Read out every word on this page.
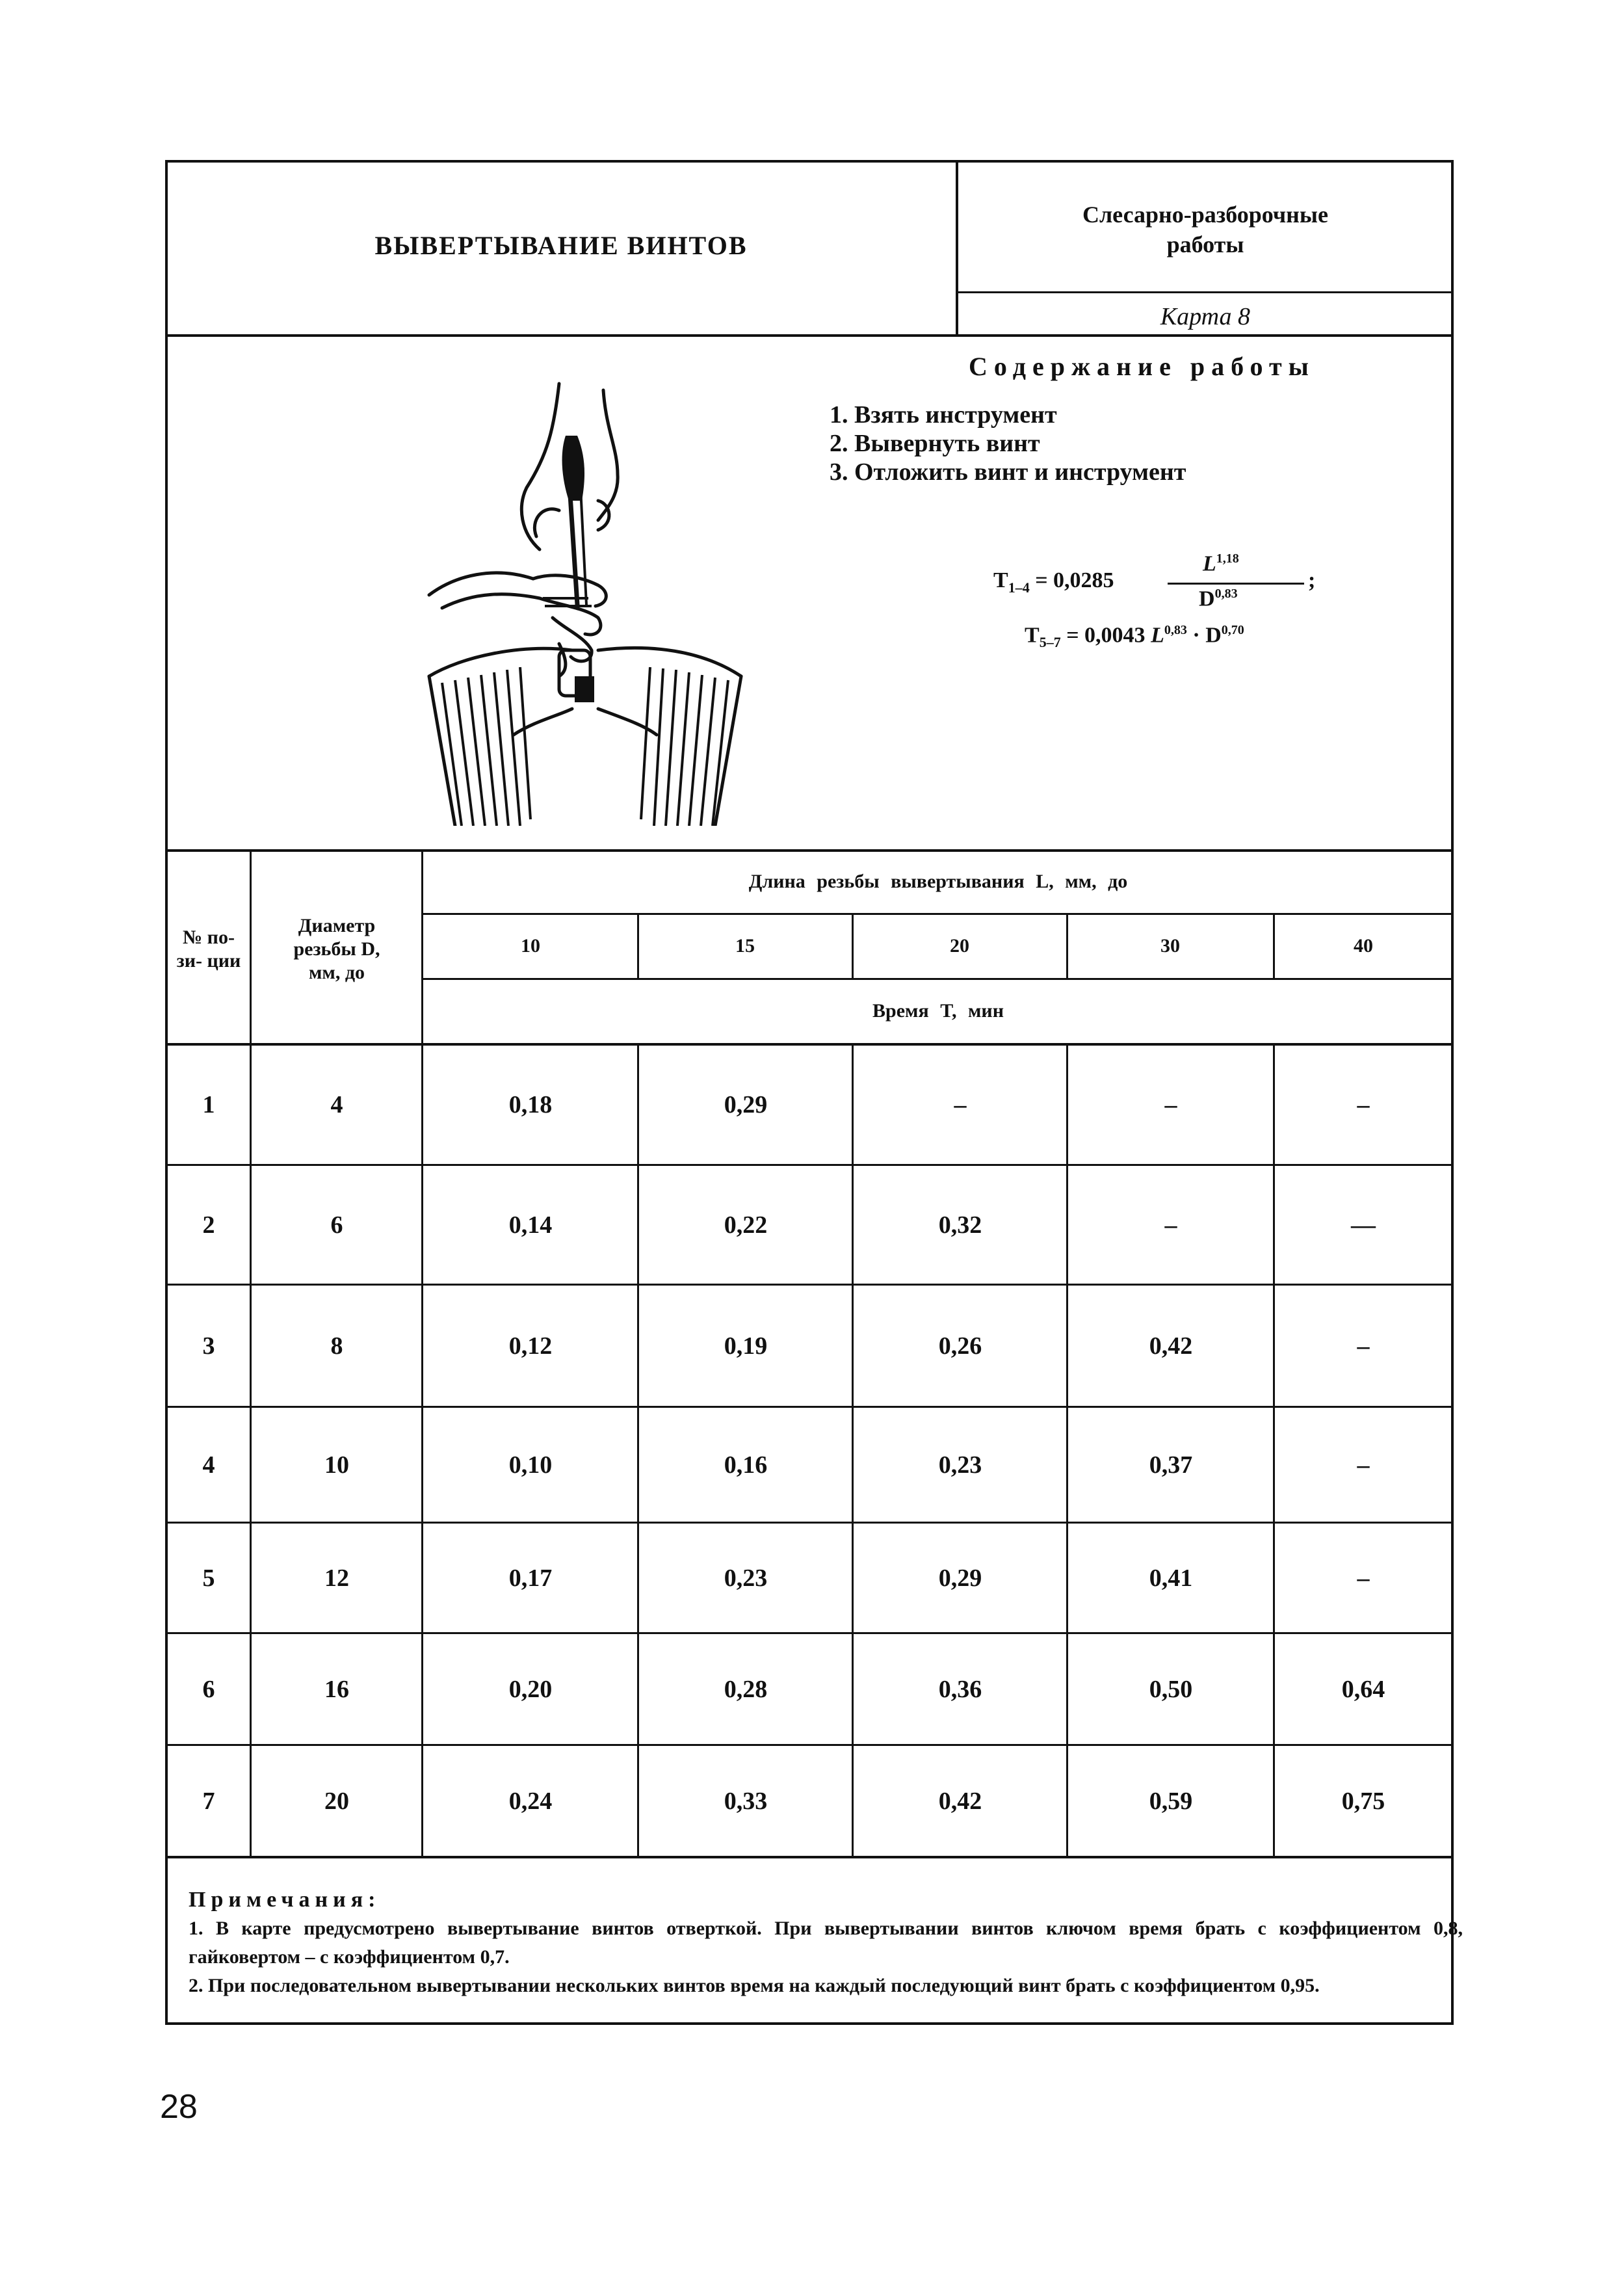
ВЫВЕРТЫВАНИЕ ВИНТОВ
Слесарно-разборочные
работы
Карта 8
Содержание работы
1. Взять инструмент
2. Вывернуть винт
3. Отложить винт и инструмент
$T_{1-4} = 0,0285$
L$^{1,18}$
D$^{0,83}$
;
$T_{5-7} = 0,0043$ L$^{0,83}$ · D$^{0,70}$
№ по- зи- ции
Диаметр резьбы D, мм, до
Длина резьбы вывертывания L, мм, до
10	15	20	30	40
Время T, мин
1	4	0,18	0,29	–	–	–
2	6	0,14	0,22	0,32	–	—
3	8	0,12	0,19	0,26	0,42	–
4	10	0,10	0,16	0,23	0,37	–
5	12	0,17	0,23	0,29	0,41	–
6	16	0,20	0,28	0,36	0,50	0,64
7	20	0,24	0,33	0,42	0,59	0,75
Примечания:
1. В карте предусмотрено вывертывание винтов отверткой. При вывертывании винтов ключом время брать с коэффициентом 0,8, гайковертом – с коэффициентом 0,7.
2. При последовательном вывертывании нескольких винтов время на каждый последующий винт брать с коэффициентом 0,95.
28
